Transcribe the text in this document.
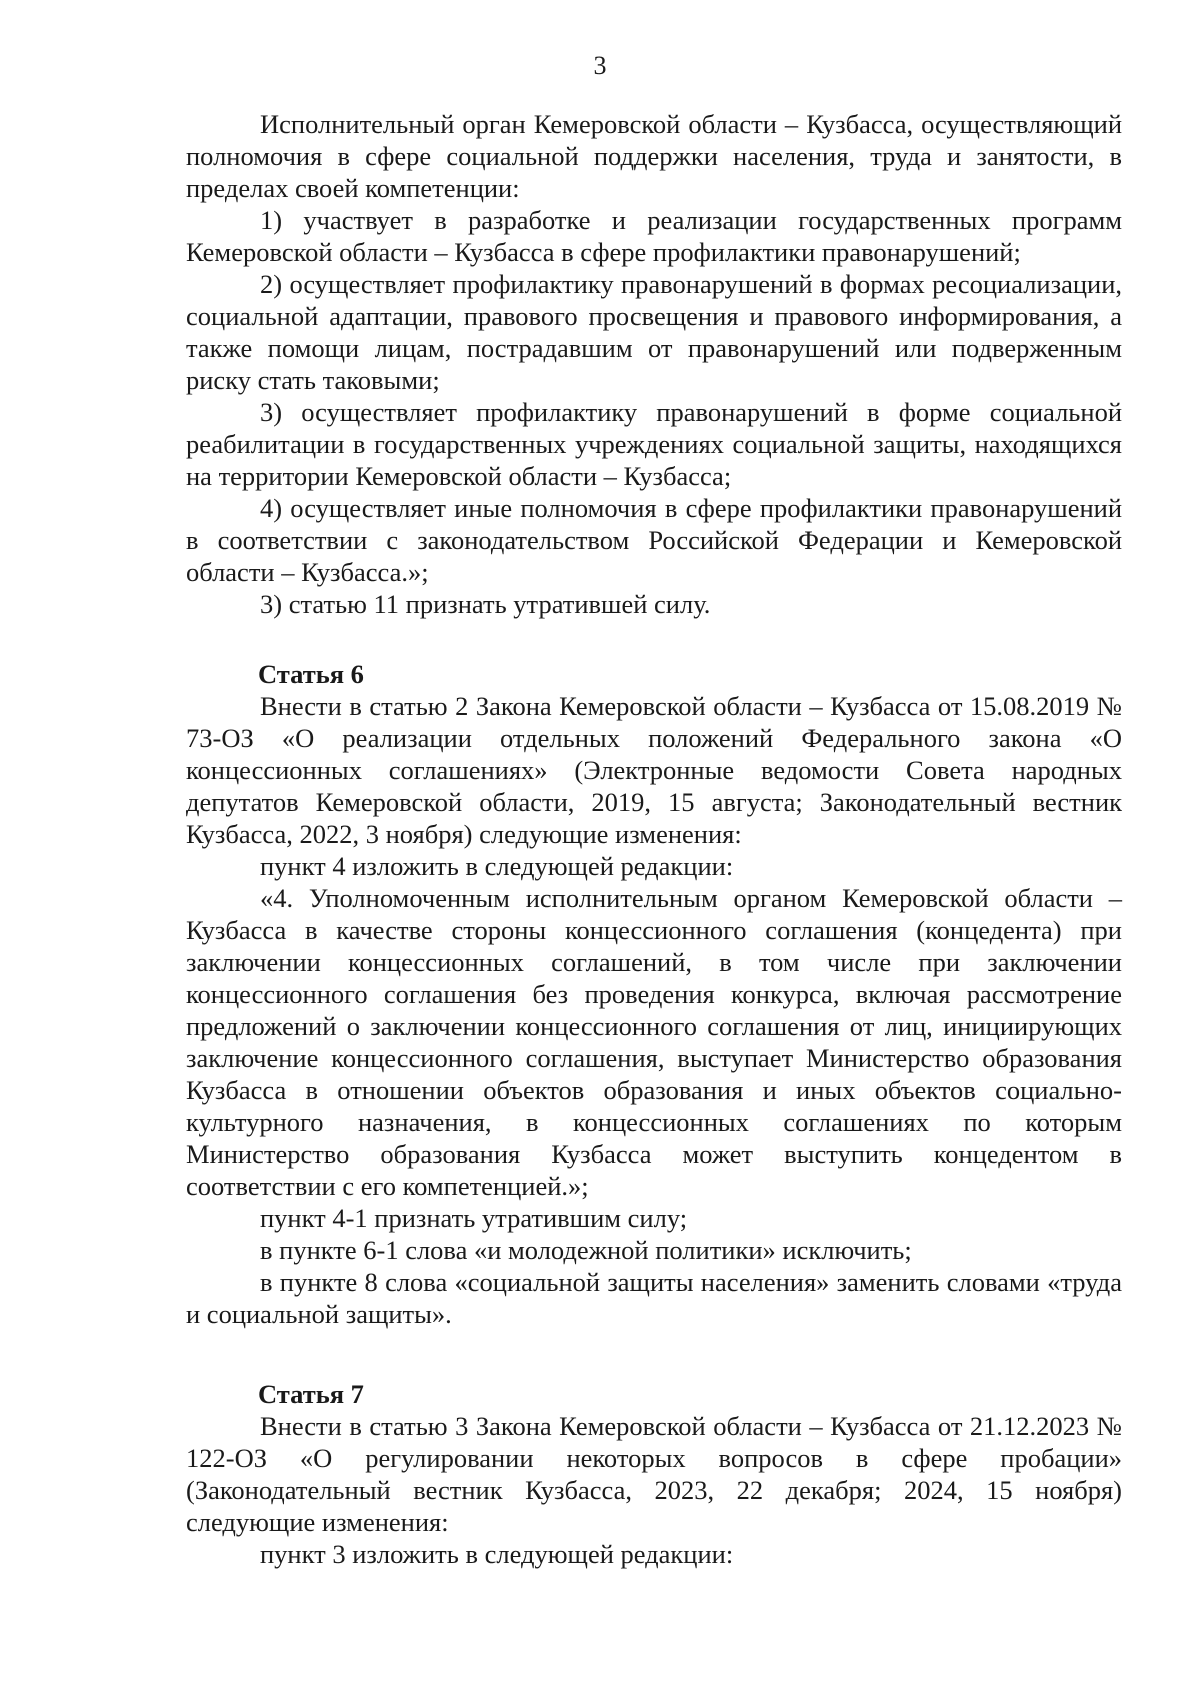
3

Исполнительный орган Кемеровской области – Кузбасса, осуществляющий полномочия в сфере социальной поддержки населения, труда и занятости, в пределах своей компетенции:

1) участвует в разработке и реализации государственных программ Кемеровской области – Кузбасса в сфере профилактики правонарушений;

2) осуществляет профилактику правонарушений в формах ресоциализации, социальной адаптации, правового просвещения и правового информирования, а также помощи лицам, пострадавшим от правонарушений или подверженным риску стать таковыми;

3) осуществляет профилактику правонарушений в форме социальной реабилитации в государственных учреждениях социальной защиты, находящихся на территории Кемеровской области – Кузбасса;

4) осуществляет иные полномочия в сфере профилактики правонарушений в соответствии с законодательством Российской Федерации и Кемеровской области – Кузбасса.»;

3) статью 11 признать утратившей силу.

Статья 6

Внести в статью 2 Закона Кемеровской области – Кузбасса от 15.08.2019 № 73-ОЗ «О реализации отдельных положений Федерального закона «О концессионных соглашениях» (Электронные ведомости Совета народных депутатов Кемеровской области, 2019, 15 августа; Законодательный вестник Кузбасса, 2022, 3 ноября) следующие изменения:

пункт 4 изложить в следующей редакции:

«4. Уполномоченным исполнительным органом Кемеровской области – Кузбасса в качестве стороны концессионного соглашения (концедента) при заключении концессионных соглашений, в том числе при заключении концессионного соглашения без проведения конкурса, включая рассмотрение предложений о заключении концессионного соглашения от лиц, инициирующих заключение концессионного соглашения, выступает Министерство образования Кузбасса в отношении объектов образования и иных объектов социально-культурного назначения, в концессионных соглашениях по которым Министерство образования Кузбасса может выступить концедентом в соответствии с его компетенцией.»;

пункт 4-1 признать утратившим силу;

в пункте 6-1 слова «и молодежной политики» исключить;

в пункте 8 слова «социальной защиты населения» заменить словами «труда и социальной защиты».

Статья 7

Внести в статью 3 Закона Кемеровской области – Кузбасса от 21.12.2023 № 122-ОЗ «О регулировании некоторых вопросов в сфере пробации» (Законодательный вестник Кузбасса, 2023, 22 декабря; 2024, 15 ноября) следующие изменения:

пункт 3 изложить в следующей редакции:
